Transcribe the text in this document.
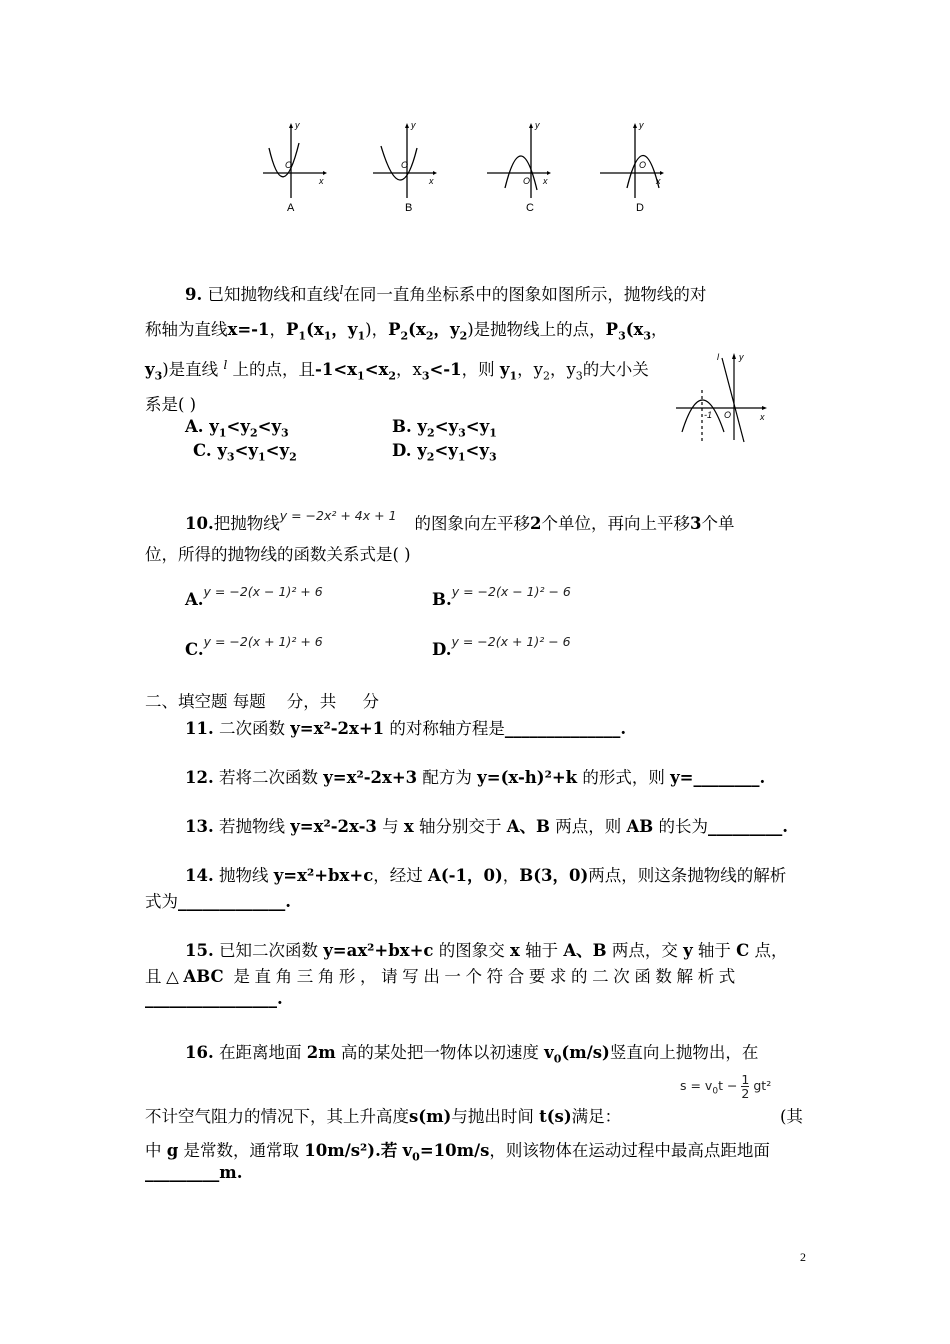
y
x
O
y
x
O
y
x
O
y
x
O
A	B	C	D
9. 已知抛物线和直线$^l$在同一直角坐标系中的图象如图所示，抛物线的对
称轴为直线x=-1，$P_1(x_1$，$y_1$)，$P_2(x_2$，$y_2$)是抛物线上的点，$P_3(x_3$，
$y_3$)是直线 $^l$ 上的点，且$-1<x_1<x_2$，$x_3<-1$，则 $y_1$，$y_2$，$y_3$的大小关
系是( )
A. $y_1<y_2<y_3$	B. $y_2<y_3<y_1$
C. $y_3<y_1<y_2$	D. $y_2<y_1<y_3$
y
x
l
O
-1
10.把抛物线$^{y = -2x^2 + 4x + 1}$ 的图象向左平移2个单位，再向上平移3个单
位，所得的抛物线的函数关系式是( )
A.$^{y = -2(x - 1)^2 + 6}$	B.$^{y = -2(x - 1)^2 - 6}$
C.$^{y = -2(x + 1)^2 + 6}$	D.$^{y = -2(x + 1)^2 - 6}$
二、填空题 每题    分，共     分
11. 二次函数 y=x²-2x+1 的对称轴方程是______________.
12. 若将二次函数 y=x²-2x+3 配方为 y=(x-h)²+k 的形式，则 y=________.
13. 若抛物线 y=x²-2x-3 与 x 轴分别交于 A、B 两点，则 AB 的长为_________.
14. 抛物线 y=x²+bx+c，经过 A(-1，0)，B(3，0)两点，则这条抛物线的解析
式为_____________.
15. 已知二次函数 y=ax²+bx+c 的图象交 x 轴于 A、B 两点，交 y 轴于 C 点，
且△ABC 是直角三角形，请写出一个符合要求的二次函数解析式
________________.
16. 在距离地面 2m 高的某处把一物体以初速度 $v_0(m/s)$竖直向上抛物出，在
$s = v_0t - \frac{1}{2} gt^2$
不计空气阻力的情况下，其上升高度s(m)与抛出时间 t(s)满足：	(其
中 g 是常数，通常取 10m/s²).若 $v_0=10m/s$，则该物体在运动过程中最高点距地面
_________m.
2
